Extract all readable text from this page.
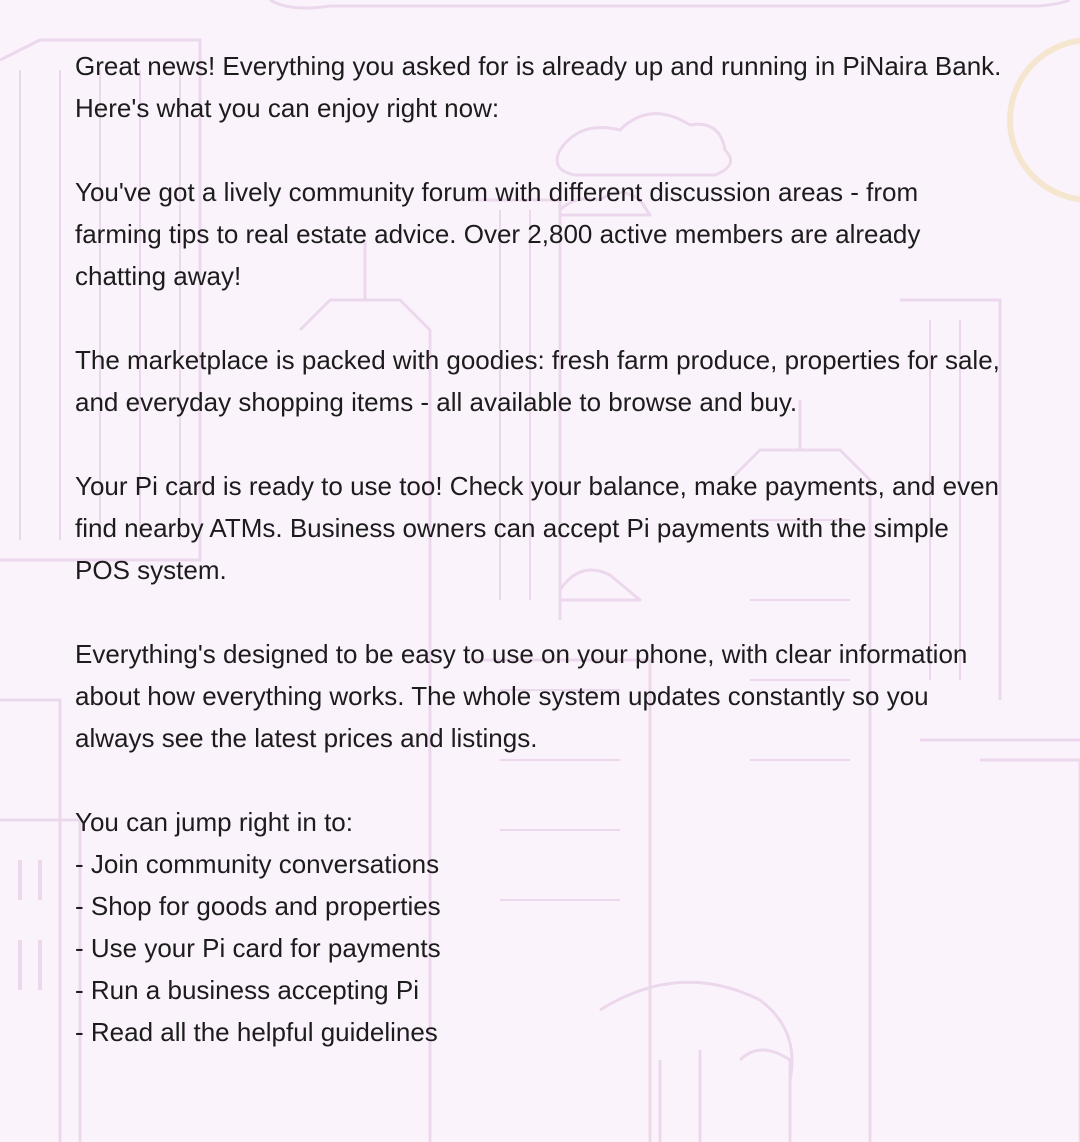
Great news! Everything you asked for is already up and running in PiNaira Bank. Here's what you can enjoy right now:

You've got a lively community forum with different discussion areas - from farming tips to real estate advice. Over 2,800 active members are already chatting away!

The marketplace is packed with goodies: fresh farm produce, properties for sale, and everyday shopping items - all available to browse and buy.

Your Pi card is ready to use too! Check your balance, make payments, and even find nearby ATMs. Business owners can accept Pi payments with the simple POS system.

Everything's designed to be easy to use on your phone, with clear information about how everything works. The whole system updates constantly so you always see the latest prices and listings.

You can jump right in to:
- Join community conversations
- Shop for goods and properties
- Use your Pi card for payments
- Run a business accepting Pi
- Read all the helpful guidelines
